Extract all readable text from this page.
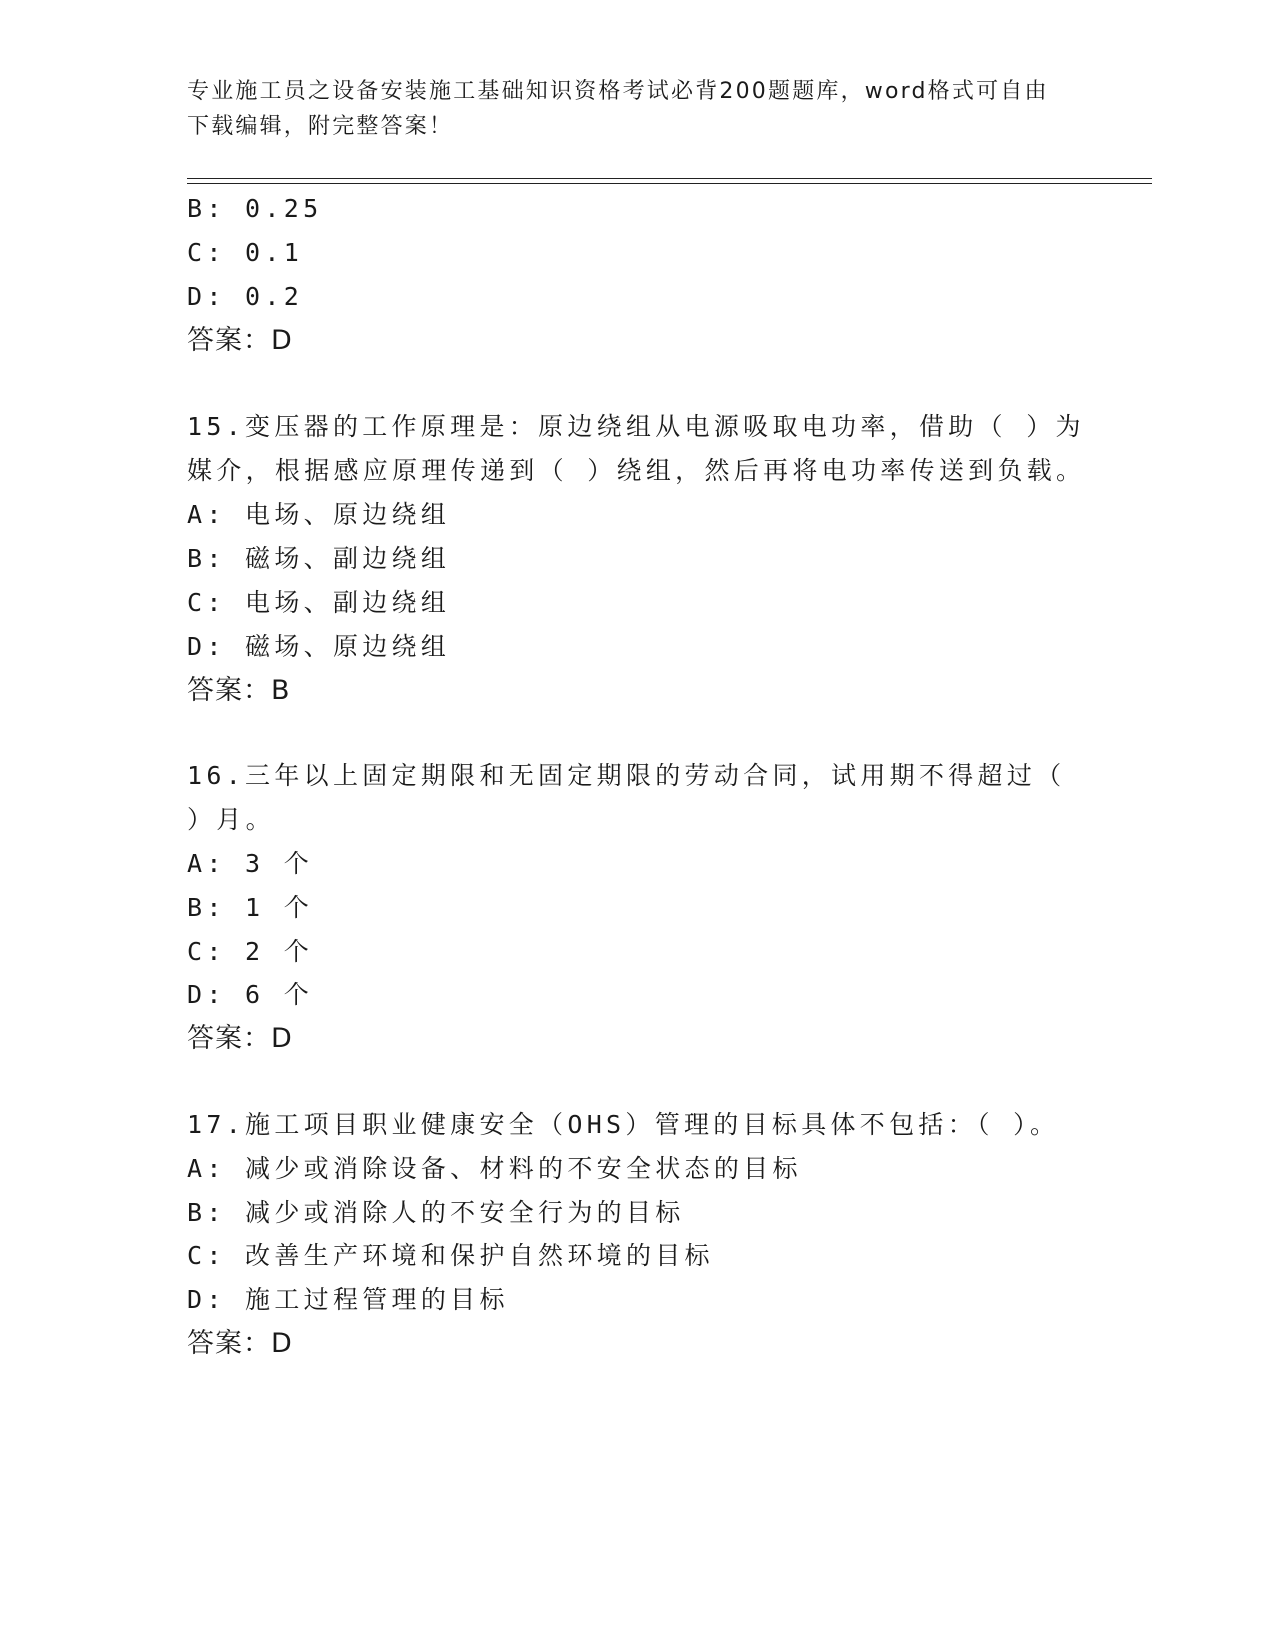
专业施工员之设备安装施工基础知识资格考试必背200题题库，word格式可自由
下载编辑，附完整答案！
B: 0.25
C: 0.1
D: 0.2
答案：D
15.变压器的工作原理是：原边绕组从电源吸取电功率，借助（ ）为
媒介，根据感应原理传递到（ ）绕组，然后再将电功率传送到负载。
A: 电场、原边绕组
B: 磁场、副边绕组
C: 电场、副边绕组
D: 磁场、原边绕组
答案：B
16.三年以上固定期限和无固定期限的劳动合同，试用期不得超过（
）月。
A: 3 个
B: 1 个
C: 2 个
D: 6 个
答案：D
17.施工项目职业健康安全（OHS）管理的目标具体不包括：（ ）。
A: 减少或消除设备、材料的不安全状态的目标
B: 减少或消除人的不安全行为的目标
C: 改善生产环境和保护自然环境的目标
D: 施工过程管理的目标
答案：D
